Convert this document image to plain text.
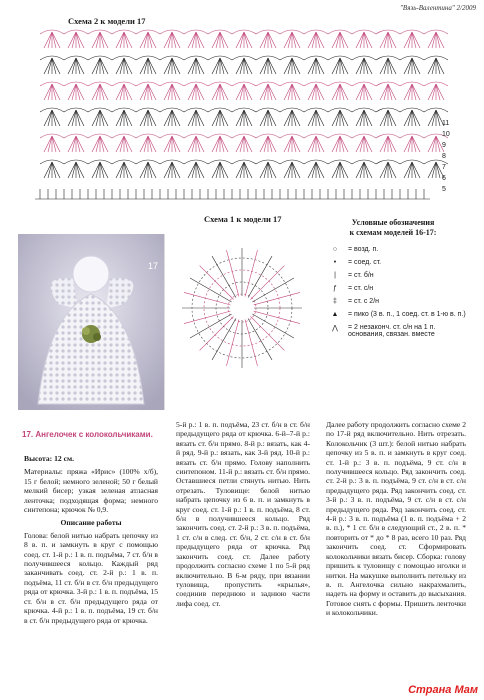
"Вязь-Валентина" 2/2009
Схема 2 к модели 17
11
10
9
8
7
6
5
17
Схема 1 к модели 17	Условные обозначения
к схемам моделей 16-17:
○	= возд. п.
•	= соед. ст.
|	= ст. б/н
ƒ	= ст. с/н
‡	= ст. с 2/н
▲	= пико (3 в. п., 1 соед. ст. в 1-ю в. п.)
⋀	= 2 незаконч. ст. с/н на 1 п. основания, связан. вместе
17. Ангелочек с колокольчиками.

Высота: 12 см.

Материалы: пряжа «Ирис» (100% х/б), 15 г белой; немного зеленой; 50 г белый мелкий бисер; узкая зеленая атласная ленточка; подходящая форма; немного синтепона; крючок № 0,9.

Описание работы

Голова: белой нитью набрать цепочку из 8 в. п. и замкнуть в круг с помощью соед. ст. 1-й р.: 1 в. п. подъёма, 7 ст. б/н в получившееся кольцо. Каждый ряд заканчивать соед. ст. 2-й р.: 1 в. п. подъёма, 11 ст. б/н в ст. б/н предыдущего ряда от крючка. 3-й р.: 1 в. п. подъёма, 15 ст. б/н в ст. б/н предыдущего ряда от крючка. 4-й р.: 1 в. п. подъёма, 19 ст. б/н в ст. б/н предыдущего ряда от крючка.

5-й р.: 1 в. п. подъёма, 23 ст. б/н в ст. б/н предыдущего ряда от крючка. 6-й–7-й р.: вязать ст. б/н прямо. 8-й р.: вязать, как 4-й ряд. 9-й р.: вязать, как 3-й ряд. 10-й р.: вязать ст. б/н прямо. Голову наполнить синтепоном. 11-й р.: вязать ст. б/н прямо. Оставшиеся петли стянуть нитью. Нить отрезать. Туловище: белой нитью набрать цепочку из 6 в. п. и замкнуть в круг соед. ст. 1-й р.: 1 в. п. подъёма, 8 ст. б/н в получившееся кольцо. Ряд закончить соед. ст. 2-й р.: 3 в. п. подъёма, 1 ст. с/н в след. ст. б/н, 2 ст. с/н в ст. б/н предыдущего ряда от крючка. Ряд закончить соед. ст. Далее работу продолжить согласно схеме 1 по 5-й ряд включительно. В 6-м ряду, при вязании туловища, пропустить «крылья», соединив переднюю и заднюю части лифа соед. ст.

Далее работу продолжить согласно схеме 2 по 17-й ряд включительно. Нить отрезать. Колокольчик (3 шт.): белой нитью набрать цепочку из 5 в. п. и замкнуть в круг соед. ст. 1-й р.: 3 в. п. подъёма, 9 ст. с/н в получившееся кольцо. Ряд закончить соед. ст. 2-й р.: 3 в. п. подъёма, 9 ст. с/н в ст. с/н предыдущего ряда. Ряд закончить соед. ст. 3-й р.: 3 в. п. подъёма, 9 ст. с/н в ст. с/н предыдущего ряда. Ряд закончить соед. ст. 4-й р.: 3 в. п. подъёма (1 в. п. подъёма + 2 в. п.), * 1 ст. б/н в следующий ст., 2 в. п. * повторить от * до * 8 раз, всего 10 раз. Ряд закончить соед. ст. Сформировать колокольчики вязать бисер. Сборка: голову пришить к туловищу с помощью иголки и нитки. На макушке выполнить петельку из в. п. Ангелочка сильно накрахмалить, надеть на форму и оставить до высыхания. Готовое снять с формы. Пришить ленточки и колокольчики.

Страна Мам
